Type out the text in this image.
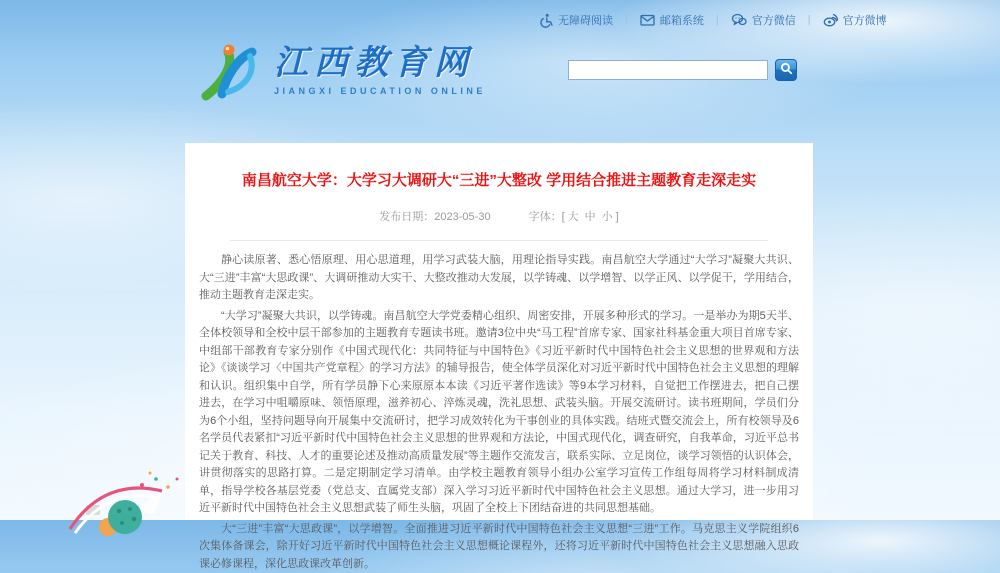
无障碍阅读 |	邮箱系统 |	官方微信 |	官方微博
江西教育网
JIANGXI EDUCATION ONLINE
南昌航空大学：大学习大调研大“三进”大整改 学用结合推进主题教育走深走实
发布日期：2023-05-30	字体：[ 大 中 小 ]

静心读原著、悉心悟原理、用心思道理，用学习武装大脑，用理论指导实践。南昌航空大学通过“大学习”凝聚大共识、大“三进”丰富“大思政课”、大调研推动大实干、大整改推动大发展，以学铸魂、以学增智、以学正风、以学促干，学用结合，推动主题教育走深走实。

“大学习”凝聚大共识，以学铸魂。南昌航空大学党委精心组织、周密安排，开展多种形式的学习。一是举办为期5天半、全体校领导和全校中层干部参加的主题教育专题读书班。邀请3位中央“马工程”首席专家、国家社科基金重大项目首席专家、中组部干部教育专家分别作《中国式现代化：共同特征与中国特色》《习近平新时代中国特色社会主义思想的世界观和方法论》《谈谈学习〈中国共产党章程〉的学习方法》的辅导报告，使全体学员深化对习近平新时代中国特色社会主义思想的理解和认识。组织集中自学，所有学员静下心来原原本本读《习近平著作选读》等9本学习材料，自觉把工作摆进去，把自己摆进去，在学习中咀嚼原味、领悟原理，滋养初心、淬炼灵魂，洗礼思想、武装头脑。开展交流研讨。读书班期间，学员们分为6个小组，坚持问题导向开展集中交流研讨，把学习成效转化为干事创业的具体实践。结班式暨交流会上，所有校领导及6名学员代表紧扣“习近平新时代中国特色社会主义思想的世界观和方法论，中国式现代化，调查研究，自我革命，习近平总书记关于教育、科技、人才的重要论述及推动高质量发展”等主题作交流发言，联系实际、立足岗位，谈学习领悟的认识体会，讲贯彻落实的思路打算。二是定期制定学习清单。由学校主题教育领导小组办公室学习宣传工作组每周将学习材料制成清单，指导学校各基层党委（党总支、直属党支部）深入学习习近平新时代中国特色社会主义思想。通过大学习，进一步用习近平新时代中国特色社会主义思想武装了师生头脑，巩固了全校上下团结奋进的共同思想基础。

大“三进”丰富“大思政课”，以学增智。全面推进习近平新时代中国特色社会主义思想“三进”工作。马克思主义学院组织6次集体备课会，除开好习近平新时代中国特色社会主义思想概论课程外，还将习近平新时代中国特色社会主义思想融入思政课必修课程，深化思政课改革创新。
